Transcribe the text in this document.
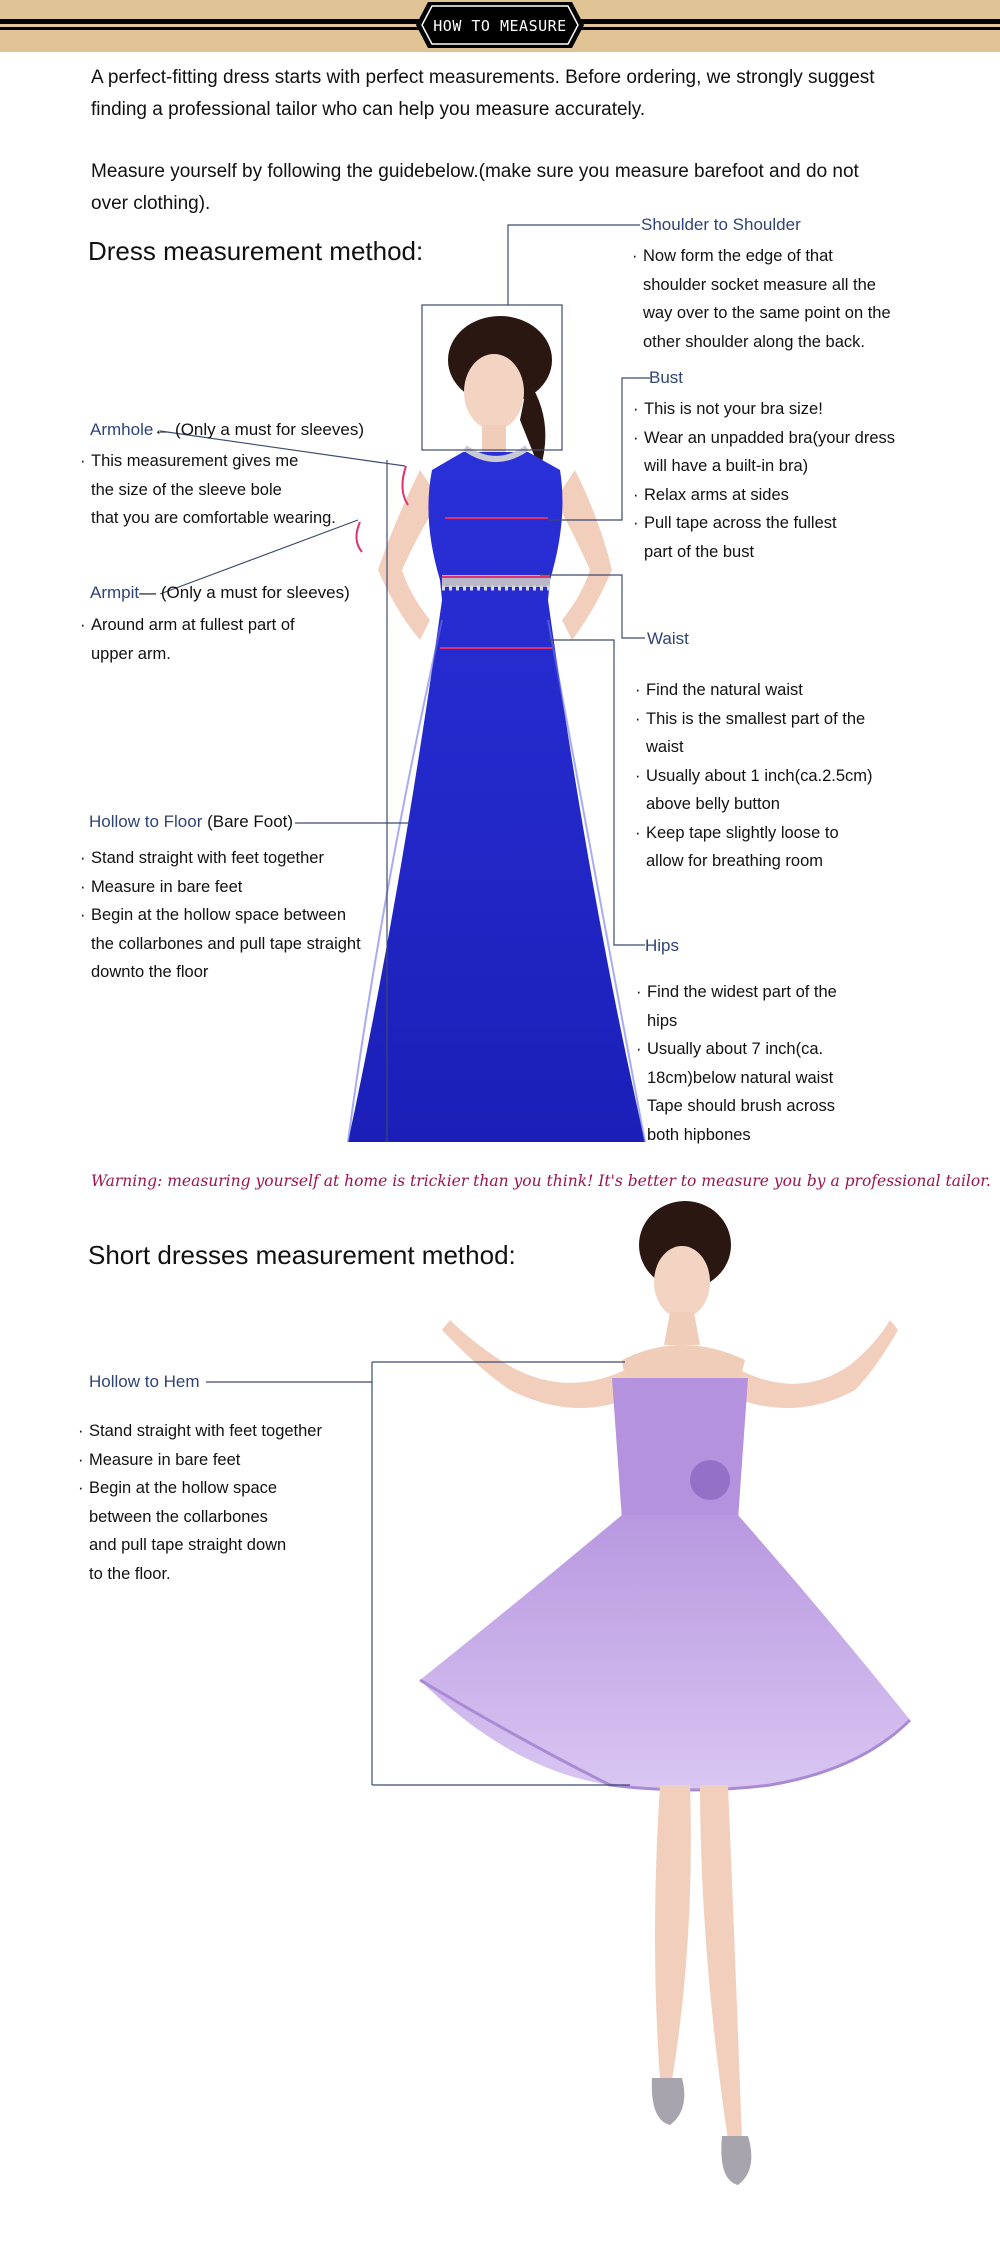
HOW TO MEASURE
A perfect-fitting dress starts with perfect measurements. Before ordering, we strongly suggest
finding a professional tailor who can help you measure accurately.
Measure yourself by following the guidebelow.(make sure you measure barefoot and do not
over clothing).
Dress measurement method:
Shoulder to Shoulder
· Now form the edge of that
shoulder socket measure all the
way over to the same point on the
other shoulder along the back.
Bust
· This is not your bra size!
· Wear an unpadded bra(your dress
will have a built-in bra)
· Relax arms at sides
· Pull tape across the fullest
part of the bust
Armhole← (Only a must for sleeves)
· This measurement gives me
the size of the sleeve bole
that you are comfortable wearing.
Armpit— (Only a must for sleeves)
· Around arm at fullest part of
upper arm.
Waist
· Find the natural waist
· This is the smallest part of the
waist
· Usually about 1 inch(ca.2.5cm)
above belly button
· Keep tape slightly loose to
allow for breathing room
Hollow to Floor (Bare Foot)
· Stand straight with feet together
· Measure in bare feet
· Begin at the hollow space between
the collarbones and pull tape straight
downto the floor
Hips
· Find the widest part of the
hips
· Usually about 7 inch(ca.
18cm)below natural waist
Tape should brush across
both hipbones
Warning: measuring yourself at home is trickier than you think! It's better to measure you by a professional tailor.
Short dresses measurement method:
Hollow to Hem
· Stand straight with feet together
· Measure in bare feet
· Begin at the hollow space
between the collarbones
and pull tape straight down
to the floor.
